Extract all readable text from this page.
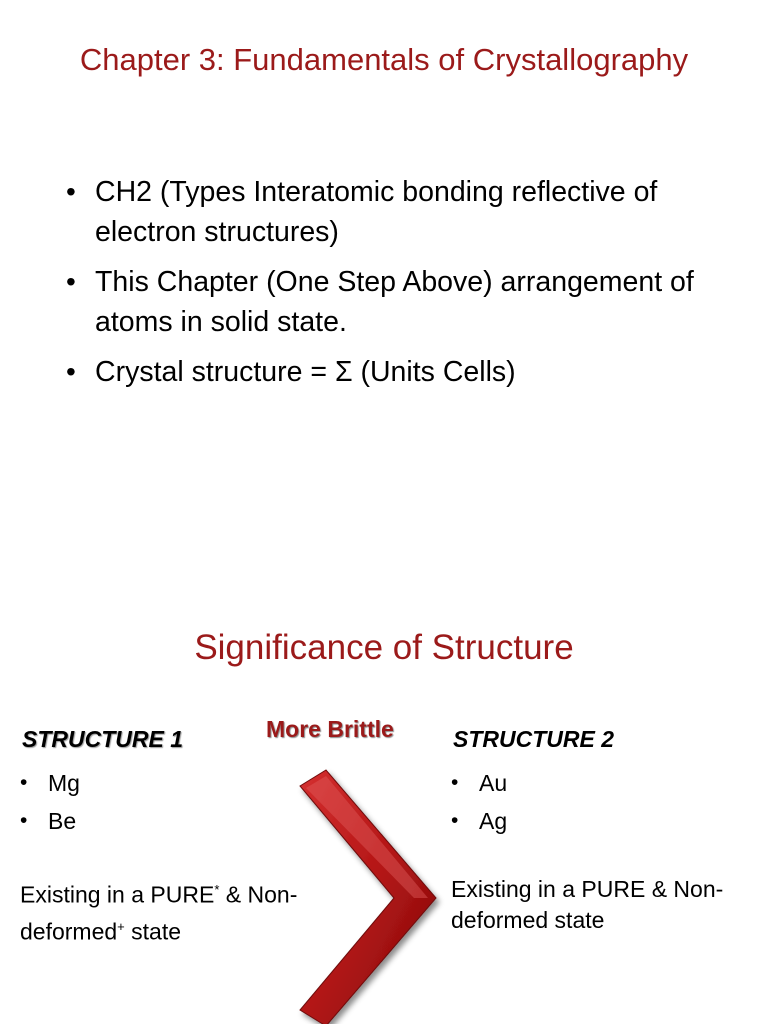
Chapter 3: Fundamentals of Crystallography
• CH2 (Types Interatomic bonding reflective of electron structures)
• This Chapter (One Step Above) arrangement of atoms in solid state.
• Crystal structure = Σ (Units Cells)
Significance of Structure
STRUCTURE 1
• Mg
• Be
Existing in a PURE* & Non-deformed+ state
More Brittle	STRUCTURE 2
• Au
• Ag
Existing in a PURE & Non-deformed state
